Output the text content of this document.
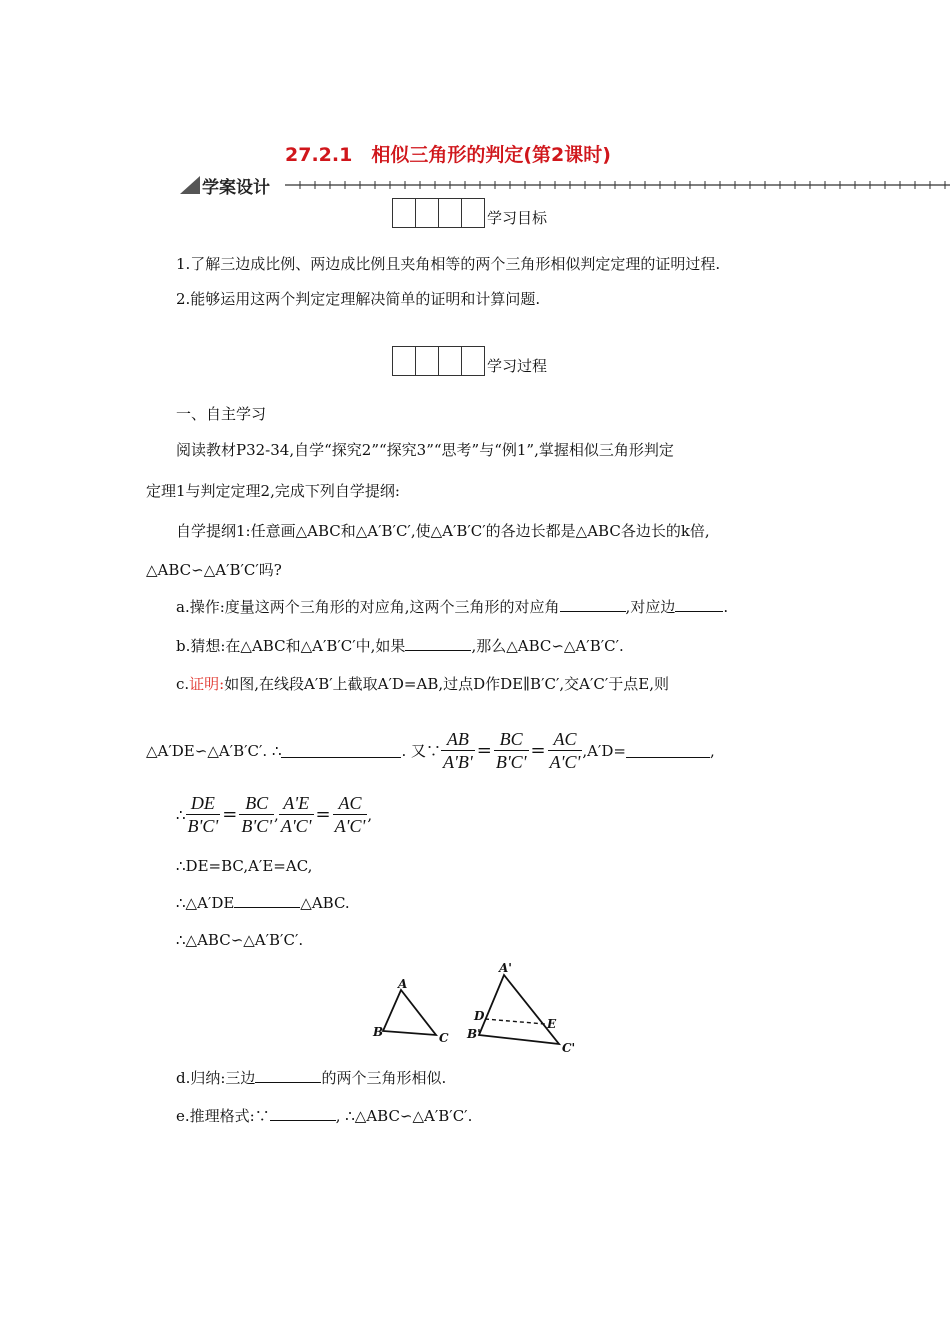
27.2.1　相似三角形的判定(第2课时)
学案设计
学习目标
1.了解三边成比例、两边成比例且夹角相等的两个三角形相似判定定理的证明过程.
2.能够运用这两个判定定理解决简单的证明和计算问题.
学习过程
一、自主学习
阅读教材P32-34,自学“探究2”“探究3”“思考”与“例1”,掌握相似三角形判定
定理1与判定定理2,完成下列自学提纲:
自学提纲1:任意画△ABC和△A′B′C′,使△A′B′C′的各边长都是△ABC各边长的k倍,
△ABC∽△A′B′C′吗?
a.操作:度量这两个三角形的对应角,这两个三角形的对应角	,对应边	.
b.猜想:在△ABC和△A′B′C′中,如果	,那么△ABC∽△A′B′C′.
c.证明:如图,在线段A′B′上截取A′D=AB,过点D作DE∥B′C′,交A′C′于点E,则
△A′DE∽△A′B′C′. ∴	. 又∵ $\frac{AB}{A'B'} = \frac{BC}{B'C'} = \frac{AC}{A'C'} ,A'D=$	,
∴ $\frac{DE}{B'C'} = \frac{BC}{B'C'}$ , $\frac{A'E}{A'C'} = \frac{AC}{A'C'}$ ,
∴DE=BC,A′E=AC,
∴△A′DE	△ABC.
∴△ABC∽△A′B′C′.
A
B	C
A'
D
E
B'
C'
d.归纳:三边	的两个三角形相似.
e.推理格式:∵	, ∴△ABC∽△A′B′C′.
